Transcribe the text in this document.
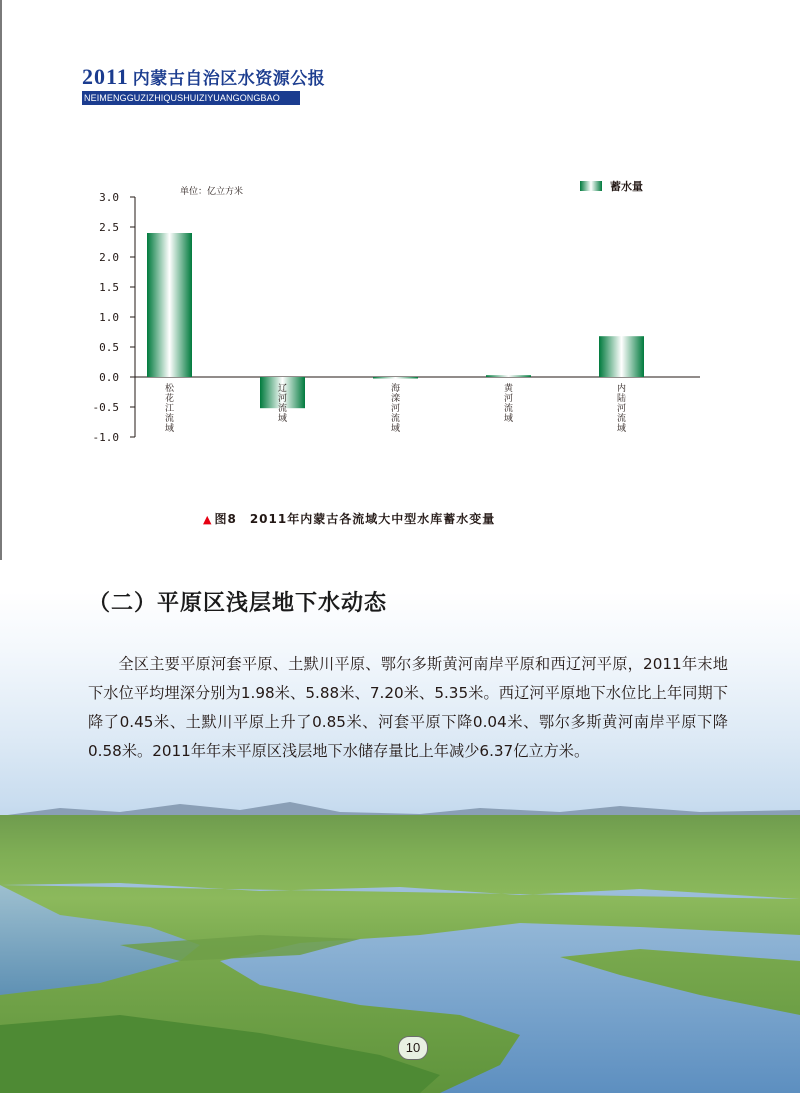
2011 内蒙古自治区水资源公报
NEIMENGGUZIZHIQUSHUIZIYUANGONGBAO
3.0
2.5
2.0
1.5
1.0
0.5
0.0
-0.5
-1.0
单位：亿立方米
松花江流域
辽河流域
海滦河流域
黄河流域
内陆河流域
蓄水量
▲ 图8　2011年内蒙古各流域大中型水库蓄水变量
（二）平原区浅层地下水动态

全区主要平原河套平原、土默川平原、鄂尔多斯黄河南岸平原和西辽河平原，2011年末地下水位平均埋深分别为1.98米、5.88米、7.20米、5.35米。西辽河平原地下水位比上年同期下降了0.45米、土默川平原上升了0.85米、河套平原下降0.04米、鄂尔多斯黄河南岸平原下降0.58米。2011年年末平原区浅层地下水储存量比上年减少6.37亿立方米。

10
